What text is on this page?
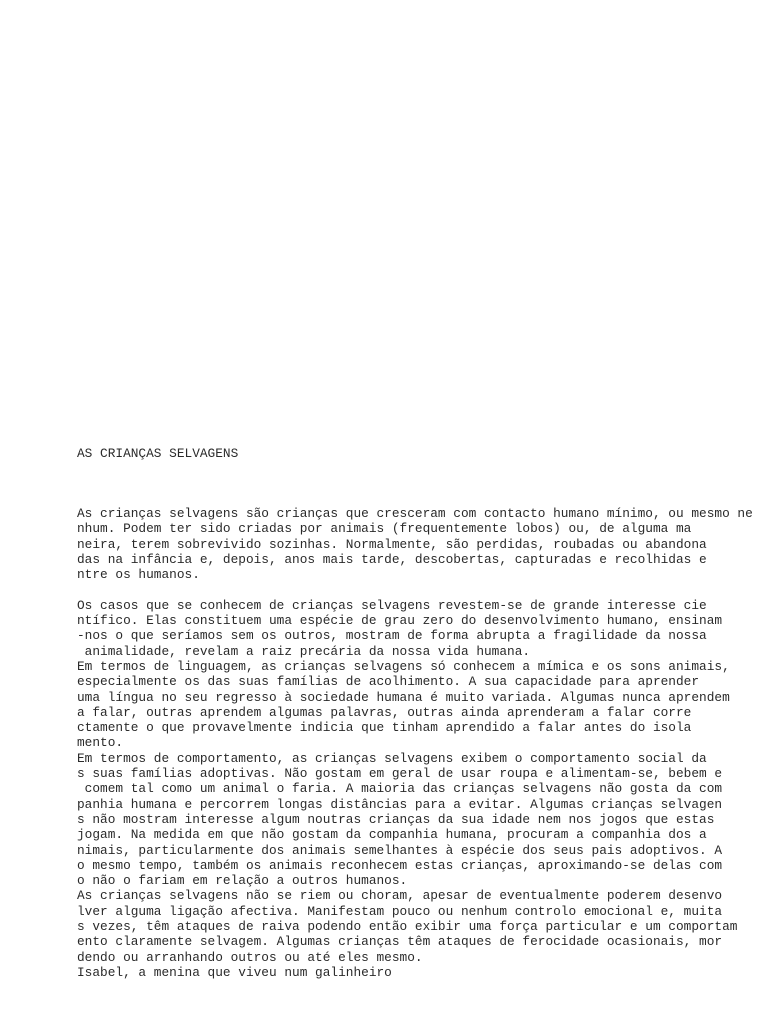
AS CRIANÇAS SELVAGENS
As crianças selvagens são crianças que cresceram com contacto humano mínimo, ou mesmo ne
nhum. Podem ter sido criadas por animais (frequentemente lobos) ou, de alguma ma
neira, terem sobrevivido sozinhas. Normalmente, são perdidas, roubadas ou abandona
das na infância e, depois, anos mais tarde, descobertas, capturadas e recolhidas e
ntre os humanos.
Os casos que se conhecem de crianças selvagens revestem-se de grande interesse cie
ntífico. Elas constituem uma espécie de grau zero do desenvolvimento humano, ensinam
-nos o que seríamos sem os outros, mostram de forma abrupta a fragilidade da nossa
animalidade, revelam a raiz precária da nossa vida humana.
Em termos de linguagem, as crianças selvagens só conhecem a mímica e os sons animais,
especialmente os das suas famílias de acolhimento. A sua capacidade para aprender
uma língua no seu regresso à sociedade humana é muito variada. Algumas nunca aprendem
a falar, outras aprendem algumas palavras, outras ainda aprenderam a falar corre
ctamente o que provavelmente indicia que tinham aprendido a falar antes do isola
mento.
Em termos de comportamento, as crianças selvagens exibem o comportamento social da
s suas famílias adoptivas. Não gostam em geral de usar roupa e alimentam-se, bebem e
comem tal como um animal o faria. A maioria das crianças selvagens não gosta da com
panhia humana e percorrem longas distâncias para a evitar. Algumas crianças selvagen
s não mostram interesse algum noutras crianças da sua idade nem nos jogos que estas
jogam. Na medida em que não gostam da companhia humana, procuram a companhia dos a
nimais, particularmente dos animais semelhantes à espécie dos seus pais adoptivos. A
o mesmo tempo, também os animais reconhecem estas crianças, aproximando-se delas com
o não o fariam em relação a outros humanos.
As crianças selvagens não se riem ou choram, apesar de eventualmente poderem desenvo
lver alguma ligação afectiva. Manifestam pouco ou nenhum controlo emocional e, muita
s vezes, têm ataques de raiva podendo então exibir uma força particular e um comportam
ento claramente selvagem. Algumas crianças têm ataques de ferocidade ocasionais, mor
dendo ou arranhando outros ou até eles mesmo.
Isabel, a menina que viveu num galinheiro
